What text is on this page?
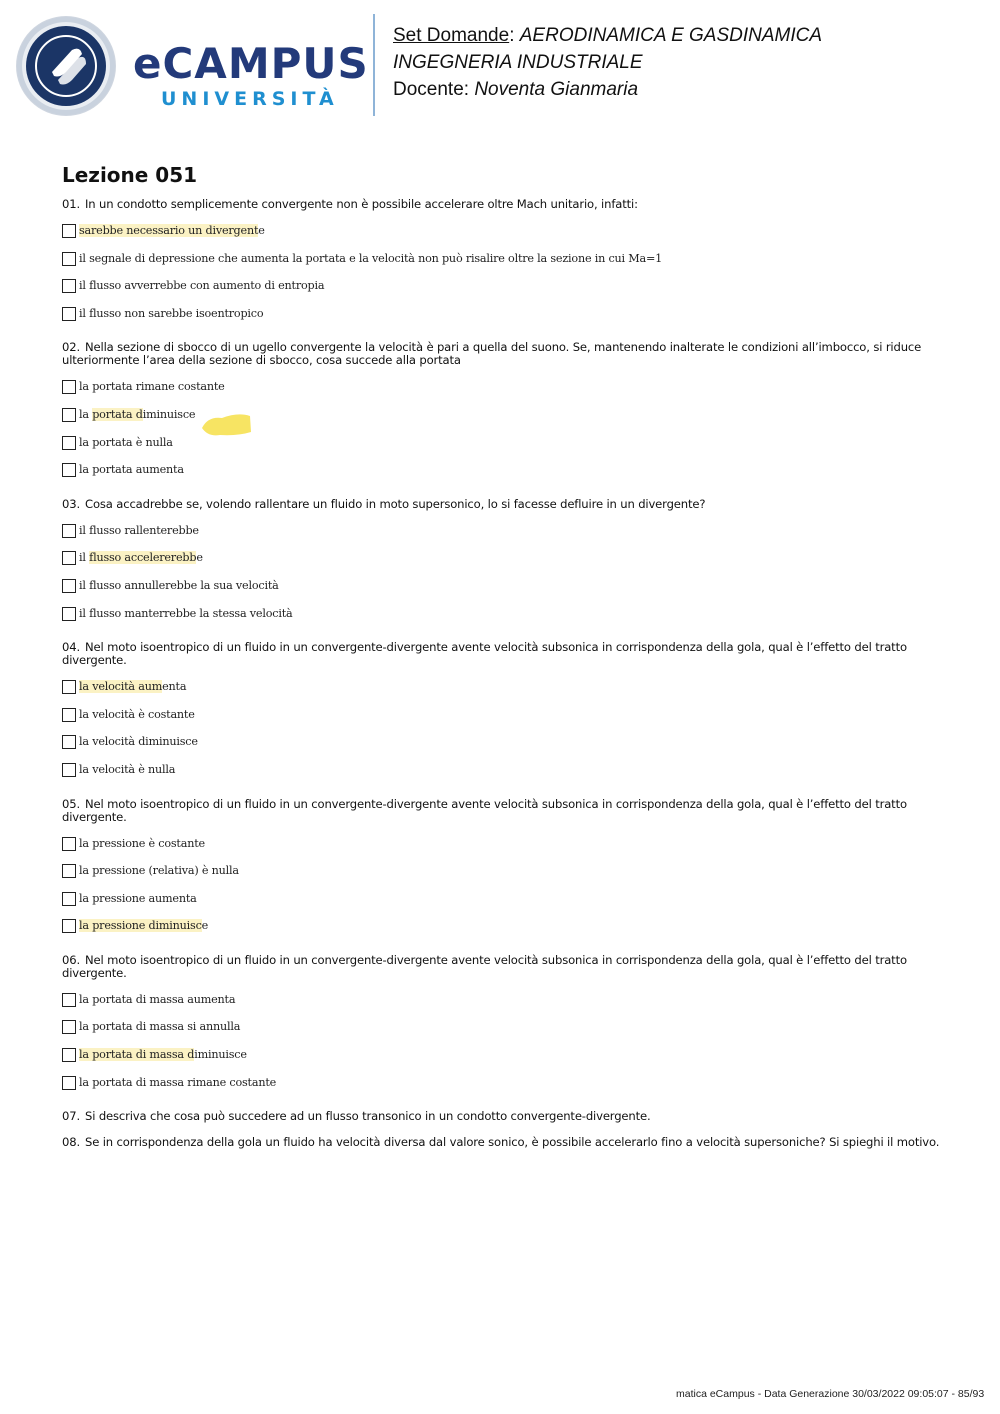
eCAMPUS
UNIVERSITÀ
Set Domande: AERODINAMICA E GASDINAMICA
INGEGNERIA INDUSTRIALE
Docente: Noventa Gianmaria
Lezione 051
01. In un condotto semplicemente convergente non è possibile accelerare oltre Mach unitario, infatti:
sarebbe necessario un divergente
il segnale di depressione che aumenta la portata e la velocità non può risalire oltre la sezione in cui Ma=1
il flusso avverrebbe con aumento di entropia
il flusso non sarebbe isoentropico
02. Nella sezione di sbocco di un ugello convergente la velocità è pari a quella del suono. Se, mantenendo inalterate le condizioni all’imbocco, si riduce ulteriormente l’area della sezione di sbocco, cosa succede alla portata
la portata rimane costante
la portata diminuisce
la portata è nulla
la portata aumenta
03. Cosa accadrebbe se, volendo rallentare un fluido in moto supersonico, lo si facesse defluire in un divergente?
il flusso rallenterebbe
il flusso accelererebbe
il flusso annullerebbe la sua velocità
il flusso manterrebbe la stessa velocità
04. Nel moto isoentropico di un fluido in un convergente-divergente avente velocità subsonica in corrispondenza della gola, qual è l’effetto del tratto divergente.
la velocità aumenta
la velocità è costante
la velocità diminuisce
la velocità è nulla
05. Nel moto isoentropico di un fluido in un convergente-divergente avente velocità subsonica in corrispondenza della gola, qual è l’effetto del tratto divergente.
la pressione è costante
la pressione (relativa) è nulla
la pressione aumenta
la pressione diminuisce
06. Nel moto isoentropico di un fluido in un convergente-divergente avente velocità subsonica in corrispondenza della gola, qual è l’effetto del tratto divergente.
la portata di massa aumenta
la portata di massa si annulla
la portata di massa diminuisce
la portata di massa rimane costante
07. Si descriva che cosa può succedere ad un flusso transonico in un condotto convergente-divergente.
08. Se in corrispondenza della gola un fluido ha velocità diversa dal valore sonico, è possibile accelerarlo fino a velocità supersoniche? Si spieghi il motivo.
matica eCampus - Data Generazione 30/03/2022 09:05:07 - 85/93
